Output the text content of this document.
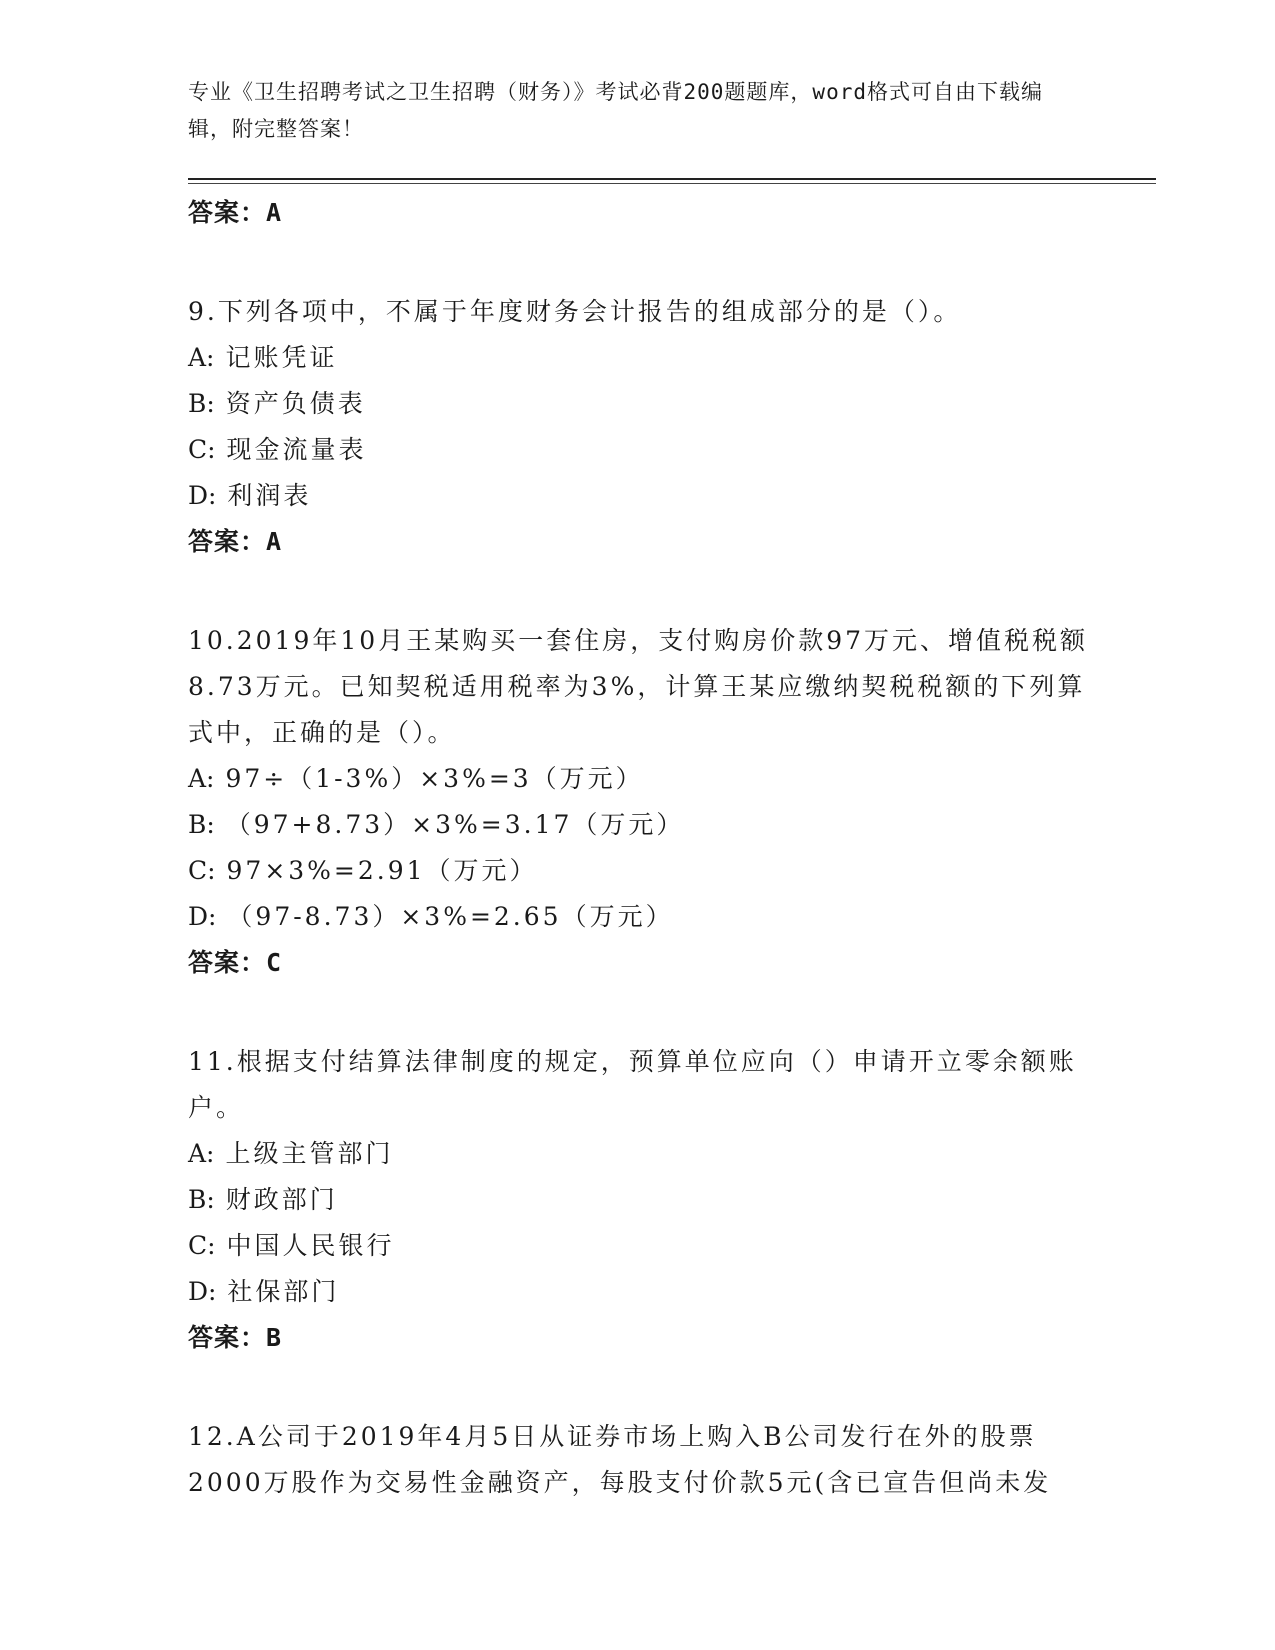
专业《卫生招聘考试之卫生招聘（财务）》考试必背200题题库，word格式可自由下载编辑，附完整答案！
答案：A
9.下列各项中，不属于年度财务会计报告的组成部分的是（）。
A: 记账凭证
B: 资产负债表
C: 现金流量表
D: 利润表
答案：A
10.2019年10月王某购买一套住房，支付购房价款97万元、增值税税额8.73万元。已知契税适用税率为3%，计算王某应缴纳契税税额的下列算式中，正确的是（）。
A: 97÷（1-3%）×3%=3（万元）
B: （97+8.73）×3%=3.17（万元）
C: 97×3%=2.91（万元）
D: （97-8.73）×3%=2.65（万元）
答案：C
11.根据支付结算法律制度的规定，预算单位应向（）申请开立零余额账户。
A: 上级主管部门
B: 财政部门
C: 中国人民银行
D: 社保部门
答案：B
12.A公司于2019年4月5日从证券市场上购入B公司发行在外的股票2000万股作为交易性金融资产，每股支付价款5元(含已宣告但尚未发
